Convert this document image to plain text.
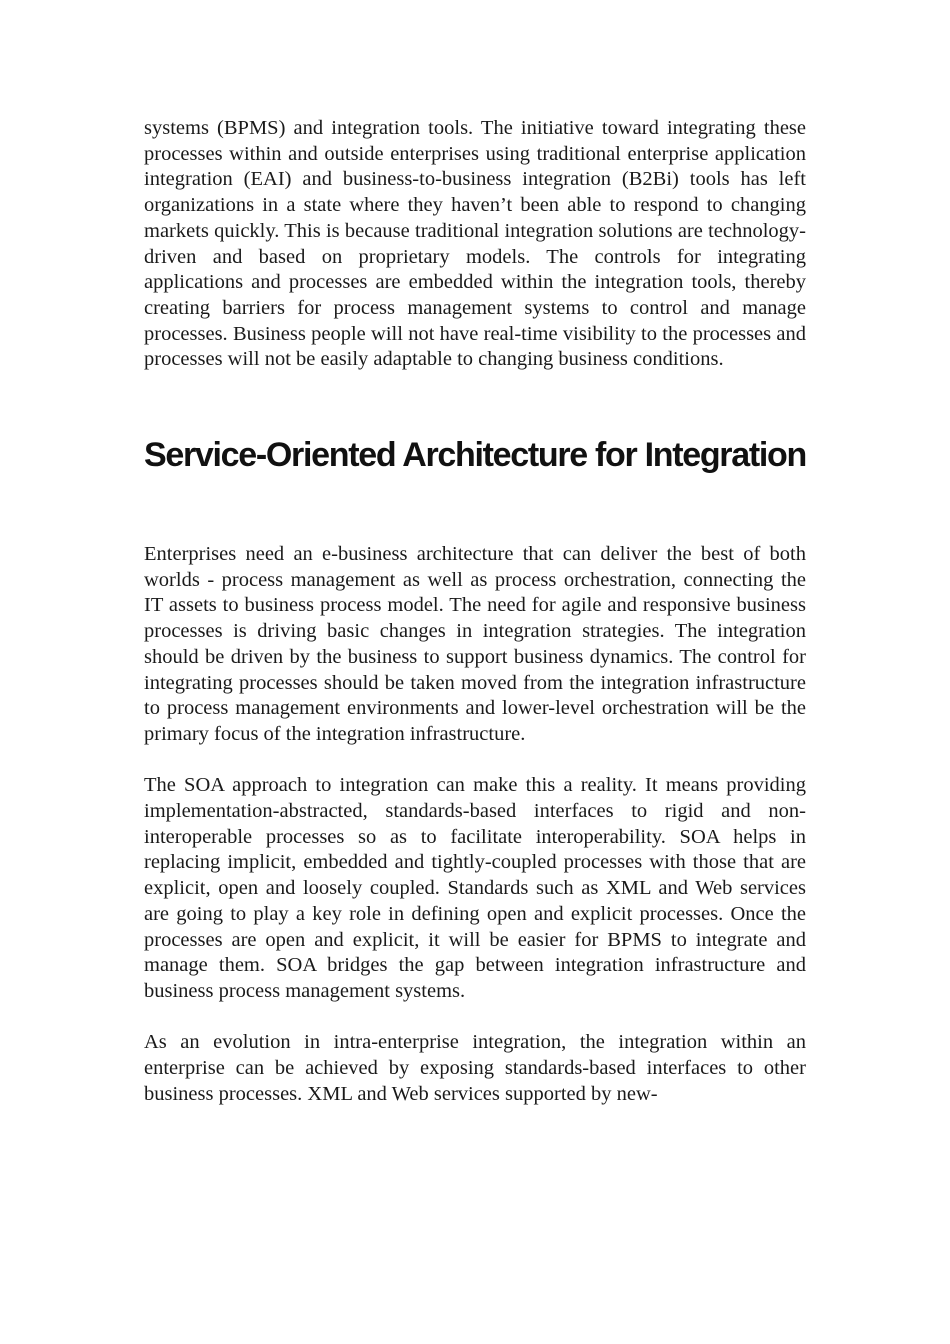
systems (BPMS) and integration tools. The initiative toward integrating these processes within and outside enterprises using traditional enterprise application integration (EAI) and business-to-business integration (B2Bi) tools has left organizations in a state where they haven’t been able to respond to changing markets quickly. This is because traditional integration solutions are technology-driven and based on proprietary models. The controls for integrating applications and processes are embedded within the integration tools, thereby creating barriers for process management systems to control and manage processes. Business people will not have real-time visibility to the processes and processes will not be easily adaptable to changing business conditions.

Service-Oriented Architecture for Integration

Enterprises need an e-business architecture that can deliver the best of both worlds - process management as well as process orchestration, connecting the IT assets to business process model. The need for agile and responsive business processes is driving basic changes in integration strategies. The integration should be driven by the business to support business dynamics. The control for integrating processes should be taken moved from the integration infrastructure to process management environments and lower-level orchestration will be the primary focus of the integration infrastructure.

The SOA approach to integration can make this a reality. It means providing implementation-abstracted, standards-based interfaces to rigid and non-interoperable processes so as to facilitate interoperability. SOA helps in replacing implicit, embedded and tightly-coupled processes with those that are explicit, open and loosely coupled. Standards such as XML and Web services are going to play a key role in defining open and explicit processes. Once the processes are open and explicit, it will be easier for BPMS to integrate and manage them. SOA bridges the gap between integration infrastructure and business process management systems.

As an evolution in intra-enterprise integration, the integration within an enterprise can be achieved by exposing standards-based interfaces to other business processes. XML and Web services supported by new-
